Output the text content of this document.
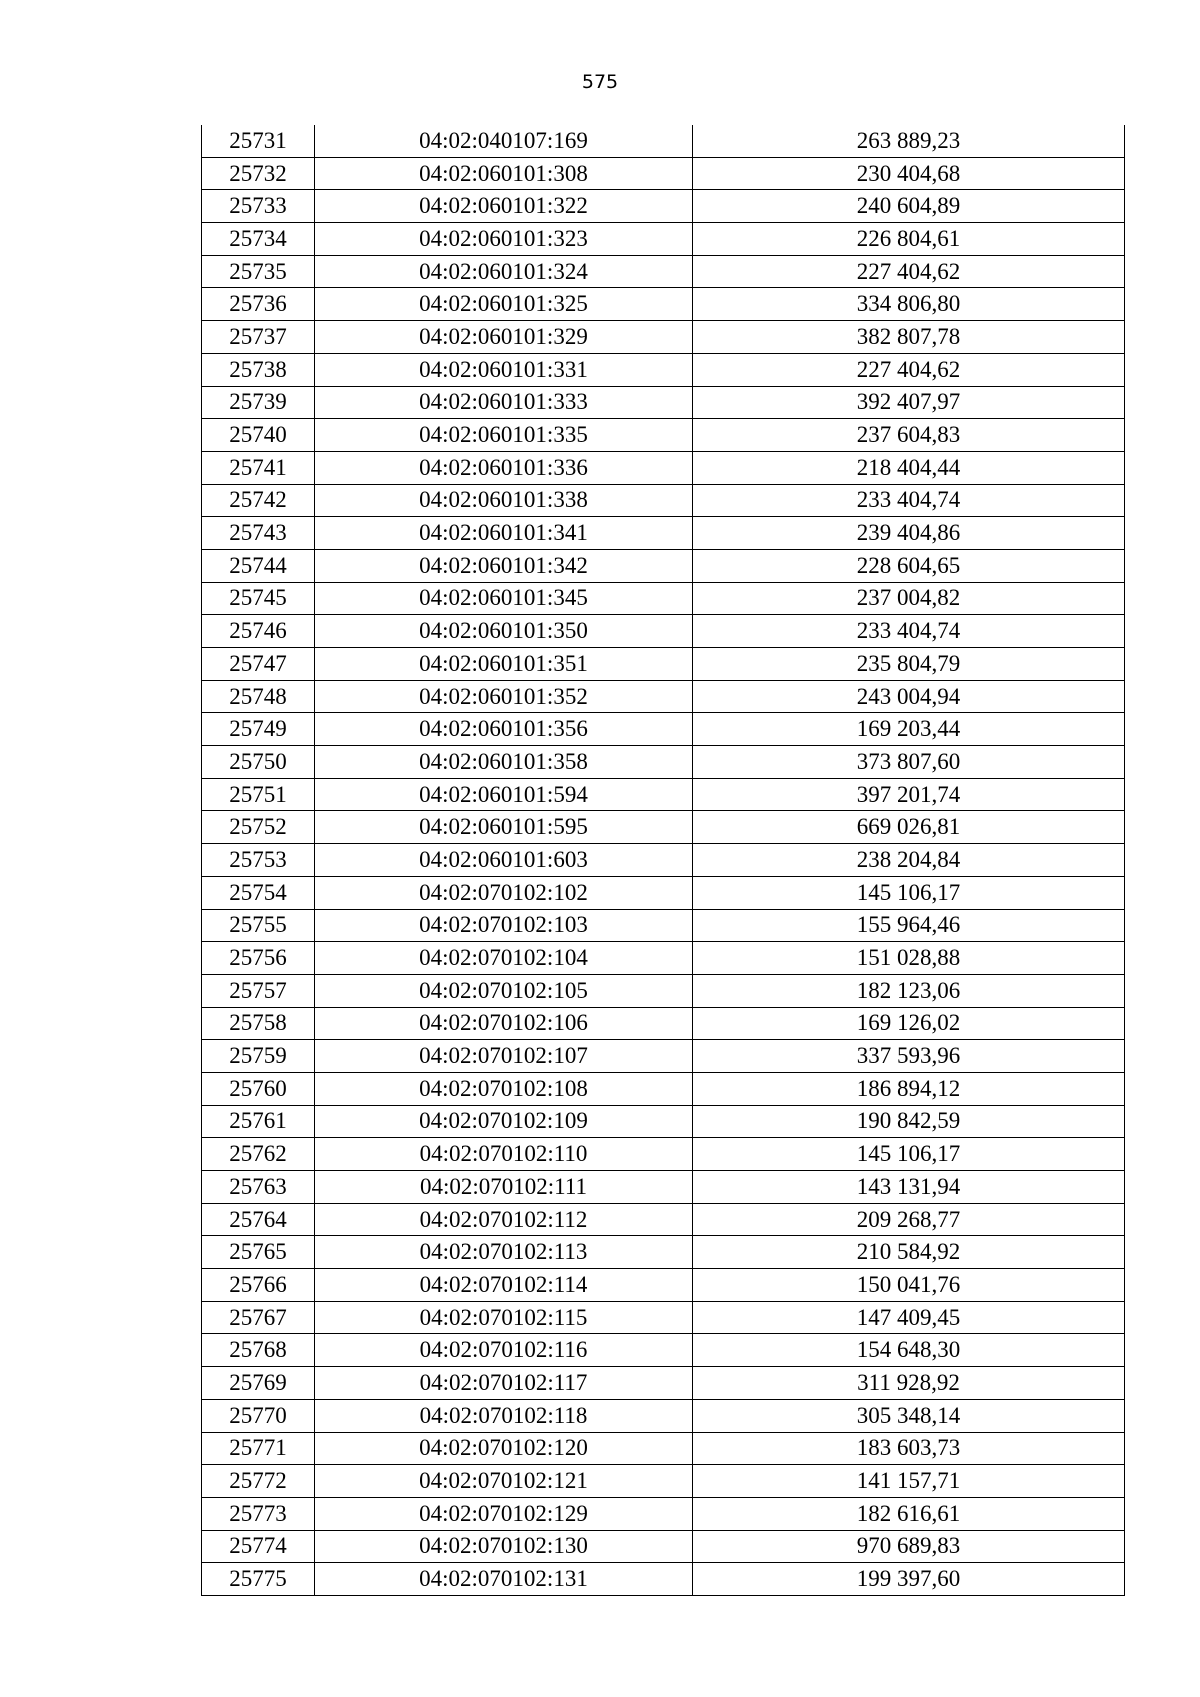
575
25731	04:02:040107:169	263 889,23
25732	04:02:060101:308	230 404,68
25733	04:02:060101:322	240 604,89
25734	04:02:060101:323	226 804,61
25735	04:02:060101:324	227 404,62
25736	04:02:060101:325	334 806,80
25737	04:02:060101:329	382 807,78
25738	04:02:060101:331	227 404,62
25739	04:02:060101:333	392 407,97
25740	04:02:060101:335	237 604,83
25741	04:02:060101:336	218 404,44
25742	04:02:060101:338	233 404,74
25743	04:02:060101:341	239 404,86
25744	04:02:060101:342	228 604,65
25745	04:02:060101:345	237 004,82
25746	04:02:060101:350	233 404,74
25747	04:02:060101:351	235 804,79
25748	04:02:060101:352	243 004,94
25749	04:02:060101:356	169 203,44
25750	04:02:060101:358	373 807,60
25751	04:02:060101:594	397 201,74
25752	04:02:060101:595	669 026,81
25753	04:02:060101:603	238 204,84
25754	04:02:070102:102	145 106,17
25755	04:02:070102:103	155 964,46
25756	04:02:070102:104	151 028,88
25757	04:02:070102:105	182 123,06
25758	04:02:070102:106	169 126,02
25759	04:02:070102:107	337 593,96
25760	04:02:070102:108	186 894,12
25761	04:02:070102:109	190 842,59
25762	04:02:070102:110	145 106,17
25763	04:02:070102:111	143 131,94
25764	04:02:070102:112	209 268,77
25765	04:02:070102:113	210 584,92
25766	04:02:070102:114	150 041,76
25767	04:02:070102:115	147 409,45
25768	04:02:070102:116	154 648,30
25769	04:02:070102:117	311 928,92
25770	04:02:070102:118	305 348,14
25771	04:02:070102:120	183 603,73
25772	04:02:070102:121	141 157,71
25773	04:02:070102:129	182 616,61
25774	04:02:070102:130	970 689,83
25775	04:02:070102:131	199 397,60
